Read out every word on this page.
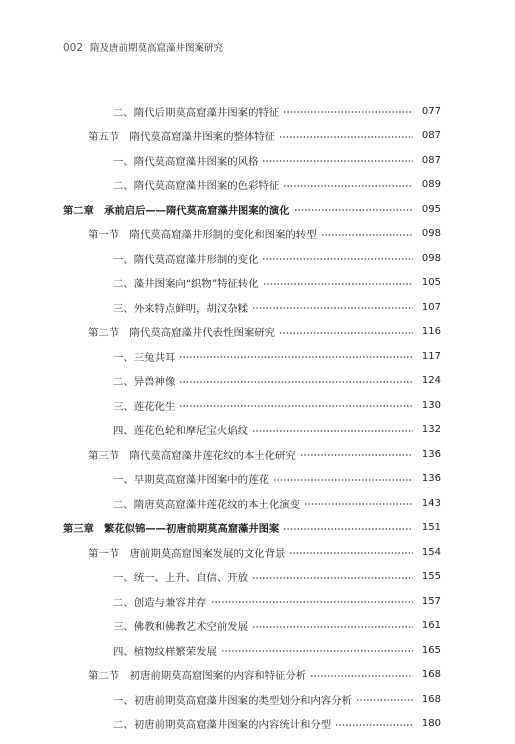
002 隋及唐前期莫高窟藻井图案研究
二、隋代后期莫高窟藻井图案的特征	077
第五节　隋代莫高窟藻井图案的整体特征	087
一、隋代莫高窟藻井图案的风格	087
二、隋代莫高窟藻井图案的色彩特征	089
第二章　承前启后——隋代莫高窟藻井图案的演化	095
第一节　隋代莫高窟藻井形制的变化和图案的转型	098
一、隋代莫高窟藻井形制的变化	098
二、藻井图案向“织物”特征转化	105
三、外来特点鲜明，胡汉杂糅	107
第二节　隋代莫高窟藻井代表性图案研究	116
一、三兔共耳	117
二、异兽神像	124
三、莲花化生	130
四、莲花色轮和摩尼宝火焰纹	132
第三节　隋代莫高窟藻井莲花纹的本土化研究	136
一、早期莫高窟藻井图案中的莲花	136
二、隋唐莫高窟藻井莲花纹的本土化演变	143
第三章　繁花似锦——初唐前期莫高窟藻井图案	151
第一节　唐前期莫高窟图案发展的文化背景	154
一、统一、上升、自信、开放	155
二、创造与兼容并存	157
三、佛教和佛教艺术空前发展	161
四、植物纹样繁荣发展	165
第二节　初唐前期莫高窟图案的内容和特征分析	168
一、初唐前期莫高窟藻井图案的类型划分和内容分析	168
二、初唐前期莫高窟藻井图案的内容统计和分型	180
